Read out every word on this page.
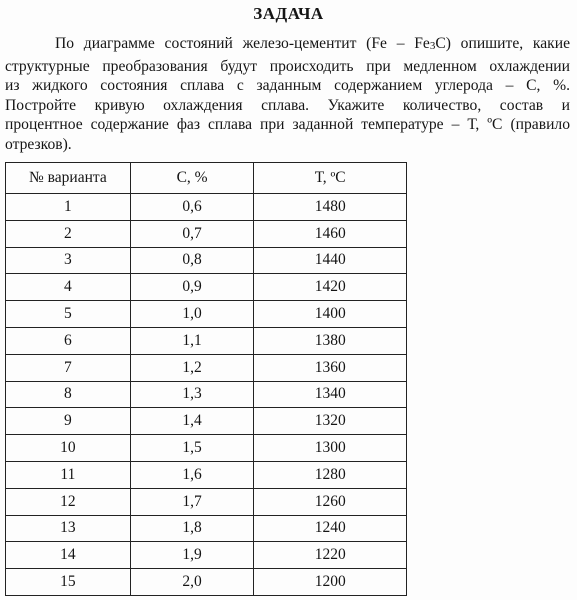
ЗАДАЧА
По диаграмме состояний железо-цементит $(Fe - Fe_3C)$ опишите, какие
структурные преобразования будут происходить при медленном охлаждении
из жидкого состояния сплава с заданным содержанием углерода – С, %.
Постройте кривую охлаждения сплава. Укажите количество, состав и
процентное содержание фаз сплава при заданной температуре – Т, ºС (правило
отрезков).
№ варианта	С, %	Т, ºС
1	0,6	1480
2	0,7	1460
3	0,8	1440
4	0,9	1420
5	1,0	1400
6	1,1	1380
7	1,2	1360
8	1,3	1340
9	1,4	1320
10	1,5	1300
11	1,6	1280
12	1,7	1260
13	1,8	1240
14	1,9	1220
15	2,0	1200
